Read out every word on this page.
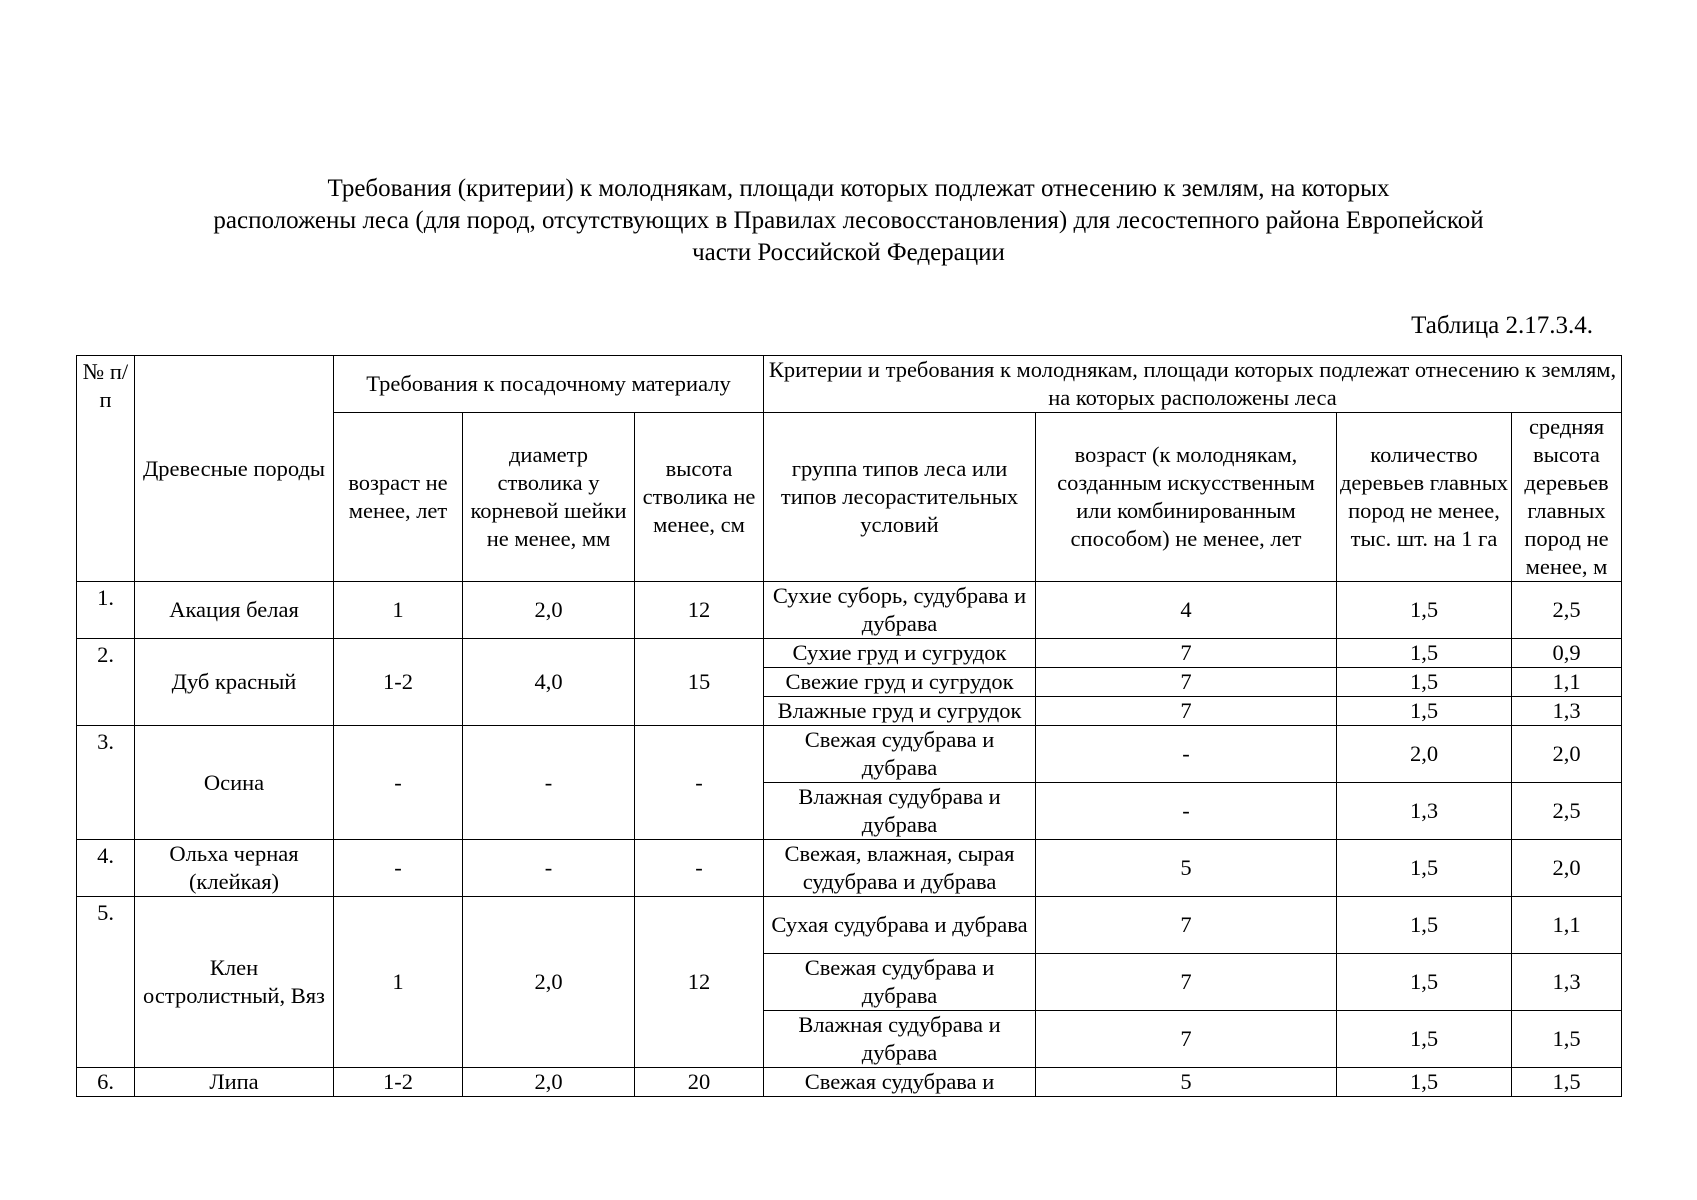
Требования (критерии) к молоднякам, площади которых подлежат отнесению к землям, на которых
расположены леса (для пород, отсутствующих в Правилах лесовосстановления) для лесостепного района Европейской
части Российской Федерации
Таблица 2.17.3.4.
№ п/п	Древесные породы	Требования к посадочному материалу			Критерии и требования к молоднякам, площади которых подлежат отнесению к землям, на которых расположены леса			
		возраст не менее, лет	диаметр стволика у корневой шейки не менее, мм	высота стволика не менее, см	группа типов леса или типов лесорастительных условий	возраст (к молоднякам, созданным искусственным или комбинированным способом) не менее, лет	количество деревьев главных пород не менее, тыс. шт. на 1 га	средняя высота деревьев главных пород не менее, м
1.	Акация белая	1	2,0	12	Сухие суборь, судубрава и дубрава	4	1,5	2,5
2.	Дуб красный	1-2	4,0	15	Сухие груд и сугрудок	7	1,5	0,9
					Свежие груд и сугрудок	7	1,5	1,1
					Влажные груд и сугрудок	7	1,5	1,3
3.	Осина	-	-	-	Свежая судубрава и дубрава	-	2,0	2,0
					Влажная судубрава и дубрава	-	1,3	2,5
4.	Ольха черная (клейкая)	-	-	-	Свежая, влажная, сырая судубрава и дубрава	5	1,5	2,0
5.	Клен остролистный, Вяз	1	2,0	12	Сухая судубрава и дубрава	7	1,5	1,1
					Свежая судубрава и дубрава	7	1,5	1,3
					Влажная судубрава и дубрава	7	1,5	1,5
6.	Липа	1-2	2,0	20	Свежая судубрава и	5	1,5	1,5
